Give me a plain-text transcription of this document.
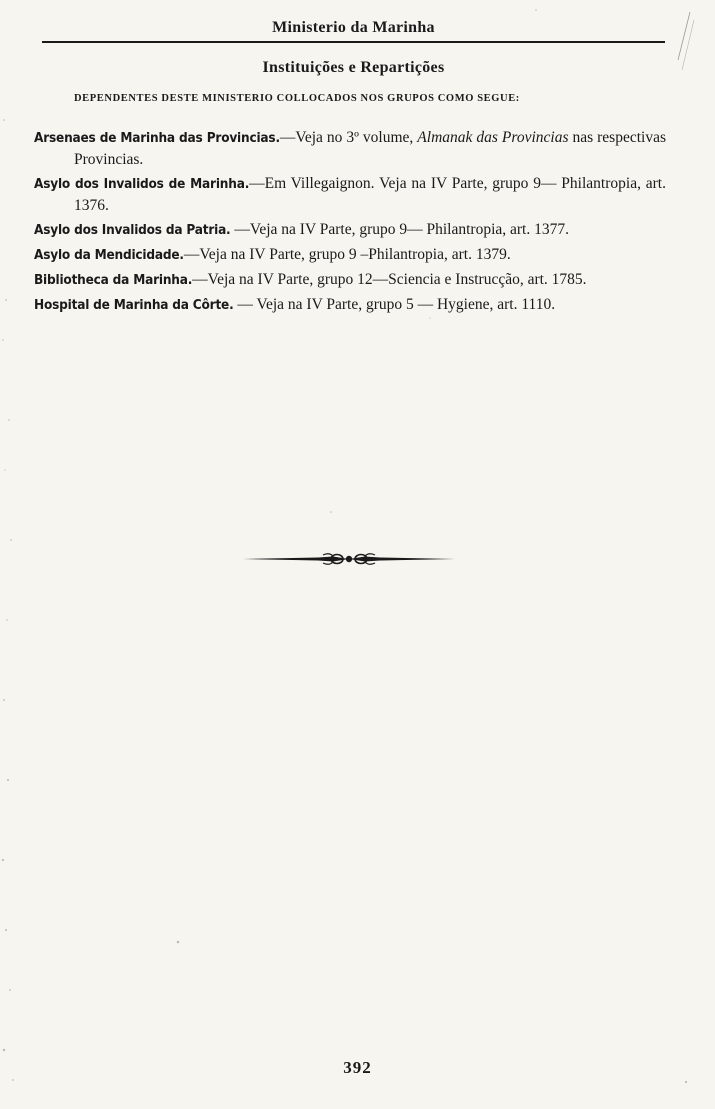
Ministerio da Marinha
Instituições e Repartições
DEPENDENTES DESTE MINISTERIO COLLOCADOS NOS GRUPOS COMO SEGUE:
Arsenaes de Marinha das Provincias.—Veja no 3º volume, Almanak das Provincias nas respectivas Provincias.
Asylo dos Invalidos de Marinha.—Em Villegaignon. Veja na IV Parte, grupo 9— Philantropia, art. 1376.
Asylo dos Invalidos da Patria. —Veja na IV Parte, grupo 9— Philantropia, art. 1377.
Asylo da Mendicidade.—Veja na IV Parte, grupo 9 –Philantropia, art. 1379.
Bibliotheca da Marinha.—Veja na IV Parte, grupo 12—Sciencia e Instrucção, art. 1785.
Hospital de Marinha da Côrte. — Veja na IV Parte, grupo 5 — Hygiene, art. 1110.
392
